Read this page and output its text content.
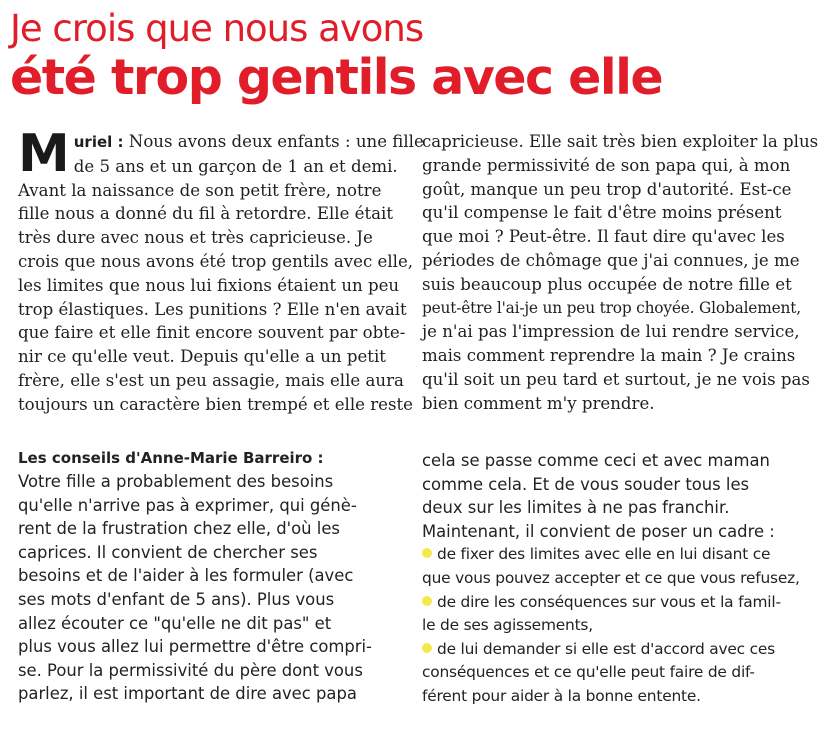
Je crois que nous avons
été trop gentils avec elle
M uriel : Nous avons deux enfants : une fille
de 5 ans et un garçon de 1 an et demi.
Avant la naissance de son petit frère, notre
fille nous a donné du fil à retordre. Elle était
très dure avec nous et très capricieuse. Je
crois que nous avons été trop gentils avec elle,
les limites que nous lui fixions étaient un peu
trop élastiques. Les punitions ? Elle n'en avait
que faire et elle finit encore souvent par obte-
nir ce qu'elle veut. Depuis qu'elle a un petit
frère, elle s'est un peu assagie, mais elle aura
toujours un caractère bien trempé et elle reste
capricieuse. Elle sait très bien exploiter la plus
grande permissivité de son papa qui, à mon
goût, manque un peu trop d'autorité. Est-ce
qu'il compense le fait d'être moins présent
que moi ? Peut-être. Il faut dire qu'avec les
périodes de chômage que j'ai connues, je me
suis beaucoup plus occupée de notre fille et
peut-être l'ai-je un peu trop choyée. Globalement,
je n'ai pas l'impression de lui rendre service,
mais comment reprendre la main ? Je crains
qu'il soit un peu tard et surtout, je ne vois pas
bien comment m'y prendre.
Les conseils d'Anne-Marie Barreiro :
Votre fille a probablement des besoins
qu'elle n'arrive pas à exprimer, qui génè-
rent de la frustration chez elle, d'où les
caprices. Il convient de chercher ses
besoins et de l'aider à les formuler (avec
ses mots d'enfant de 5 ans). Plus vous
allez écouter ce "qu'elle ne dit pas" et
plus vous allez lui permettre d'être compri-
se. Pour la permissivité du père dont vous
parlez, il est important de dire avec papa
cela se passe comme ceci et avec maman
comme cela. Et de vous souder tous les
deux sur les limites à ne pas franchir.
Maintenant, il convient de poser un cadre :
de fixer des limites avec elle en lui disant ce
que vous pouvez accepter et ce que vous refusez,
de dire les conséquences sur vous et la famil-
le de ses agissements,
de lui demander si elle est d'accord avec ces
conséquences et ce qu'elle peut faire de dif-
férent pour aider à la bonne entente.
